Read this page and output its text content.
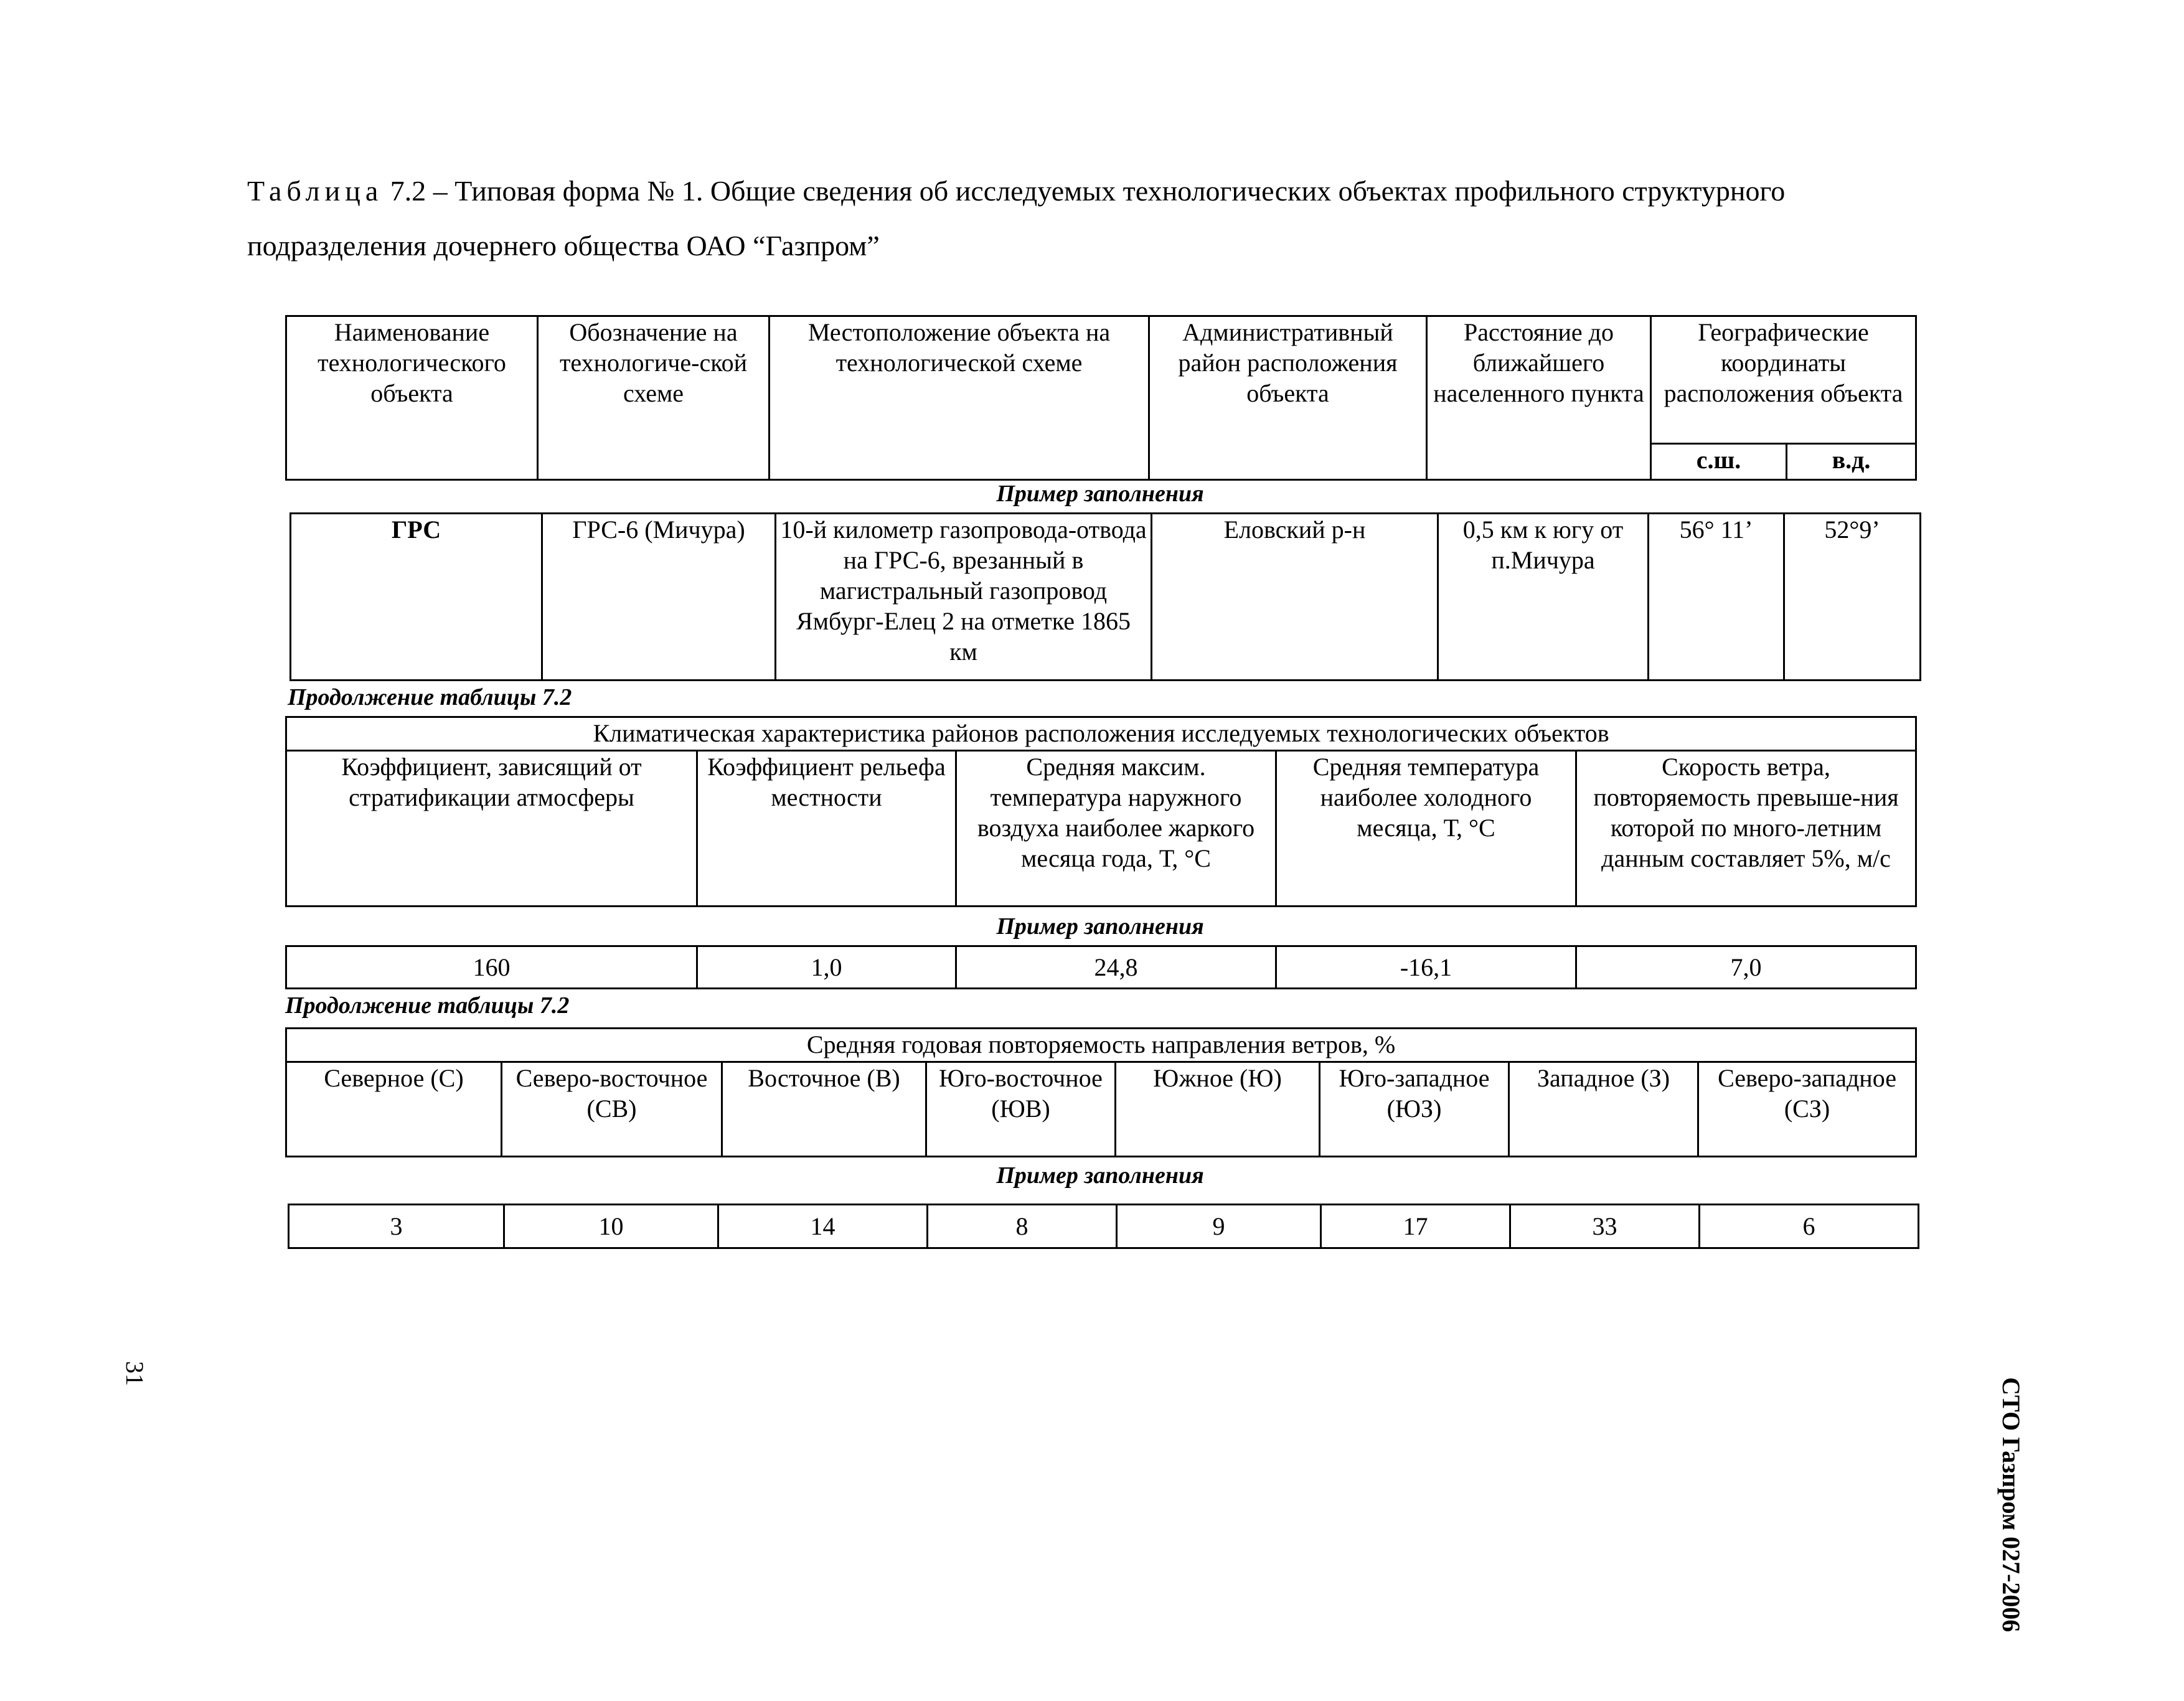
Таблица 7.2 – Типовая форма № 1. Общие сведения об исследуемых технологических объектах профильного структурного
подразделения дочернего общества ОАО “Газпром”
Наименование технологического объекта	Обозначение на технологиче-ской схеме	Местоположение объекта на технологической схеме	Административный район расположения объекта	Расстояние до ближайшего населенного пункта	Географические координаты расположения объекта	
					с.ш.	в.д.
Пример заполнения
ГРС	ГРС-6 (Мичура)	10-й километр газопровода-отвода на ГРС-6, врезанный в магистральный газопровод Ямбург-Елец 2 на отметке 1865 км	Еловский р-н	0,5 км к югу от п.Мичура	56° 11’	52°9’
Продолжение таблицы 7.2
Климатическая характеристика районов расположения исследуемых технологических объектов
Коэффициент, зависящий от стратификации атмосферы	Коэффициент рельефа местности	Средняя максим. температура наружного воздуха наиболее жаркого месяца года, Т, °С	Средняя температура наиболее холодного месяца, Т, °С	Скорость ветра, повторяемость превыше-ния которой по много-летним данным составляет 5%, м/с
Пример заполнения
160	1,0	24,8	-16,1	7,0
Продолжение таблицы 7.2
Средняя годовая повторяемость направления ветров, %
Северное (С)	Северо-восточное (СВ)	Восточное (В)	Юго-восточное (ЮВ)	Южное (Ю)	Юго-западное (ЮЗ)	Западное (З)	Северо-западное (СЗ)
Пример заполнения
3	10	14	8	9	17	33	6
СТО Газпром 027-2006
31
